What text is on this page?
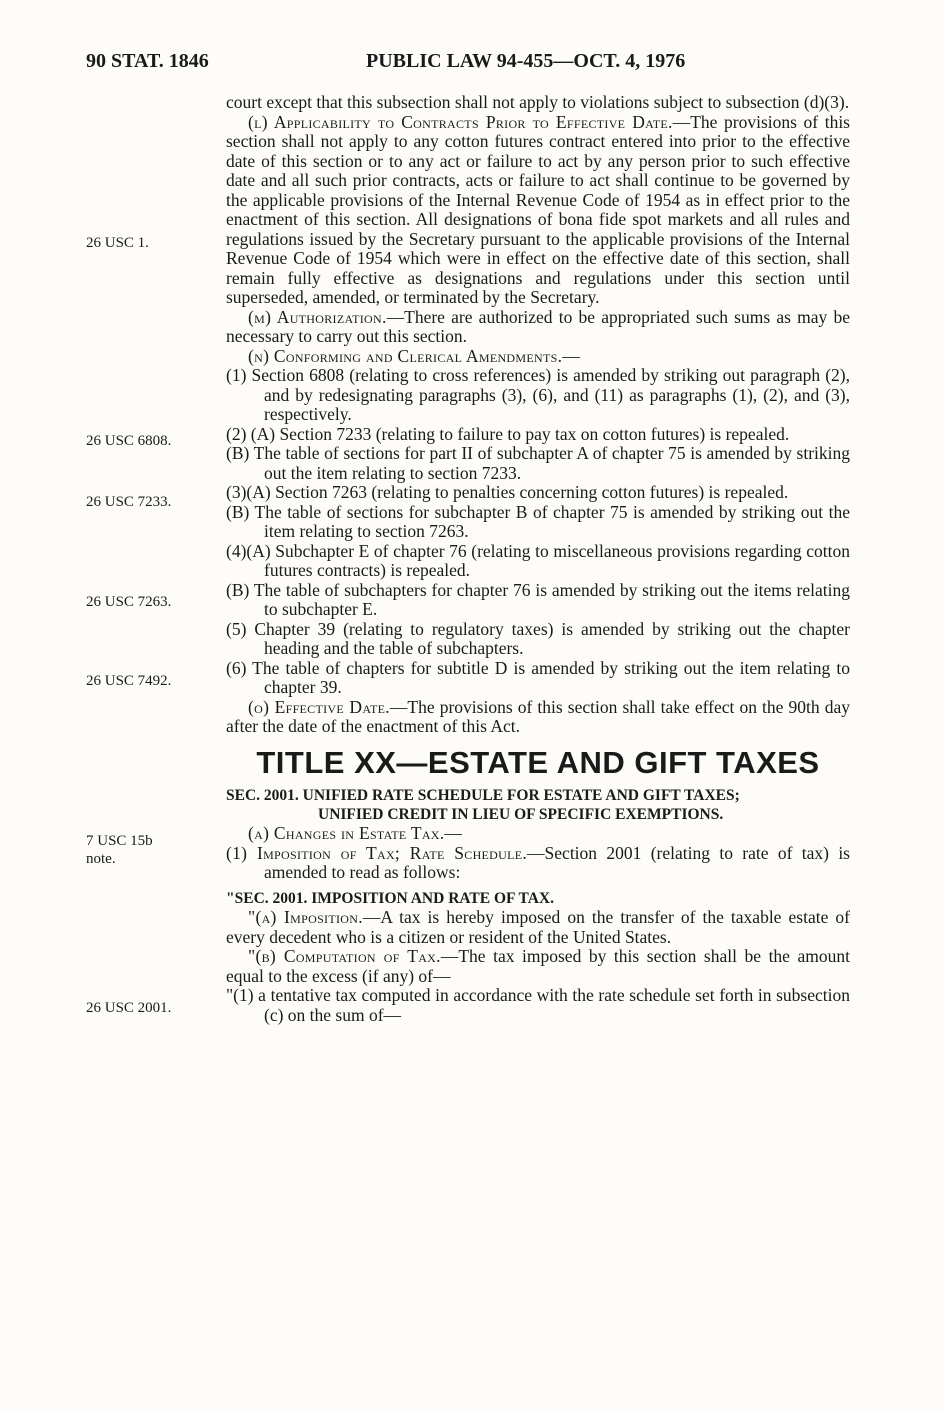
90 STAT. 1846	PUBLIC LAW 94-455—OCT. 4, 1976
26 USC 1.
26 USC 6808.
26 USC 7233.
26 USC 7263.
26 USC 7492.
7 USC 15b
note.
26 USC 2001.

court except that this subsection shall not apply to violations subject to subsection (d)(3).

(l) Applicability to Contracts Prior to Effective Date.—The provisions of this section shall not apply to any cotton futures contract entered into prior to the effective date of this section or to any act or failure to act by any person prior to such effective date and all such prior contracts, acts or failure to act shall continue to be governed by the applicable provisions of the Internal Revenue Code of 1954 as in effect prior to the enactment of this section. All designations of bona fide spot markets and all rules and regulations issued by the Secretary pursuant to the applicable provisions of the Internal Revenue Code of 1954 which were in effect on the effective date of this section, shall remain fully effective as designations and regulations under this section until superseded, amended, or terminated by the Secretary.

(m) Authorization.—There are authorized to be appropriated such sums as may be necessary to carry out this section.

(n) Conforming and Clerical Amendments.—

(1) Section 6808 (relating to cross references) is amended by striking out paragraph (2), and by redesignating paragraphs (3), (6), and (11) as paragraphs (1), (2), and (3), respectively.

(2) (A) Section 7233 (relating to failure to pay tax on cotton futures) is repealed.

(B) The table of sections for part II of subchapter A of chapter 75 is amended by striking out the item relating to section 7233.

(3)(A) Section 7263 (relating to penalties concerning cotton futures) is repealed.

(B) The table of sections for subchapter B of chapter 75 is amended by striking out the item relating to section 7263.

(4)(A) Subchapter E of chapter 76 (relating to miscellaneous provisions regarding cotton futures contracts) is repealed.

(B) The table of subchapters for chapter 76 is amended by striking out the items relating to subchapter E.

(5) Chapter 39 (relating to regulatory taxes) is amended by striking out the chapter heading and the table of subchapters.

(6) The table of chapters for subtitle D is amended by striking out the item relating to chapter 39.

(o) Effective Date.—The provisions of this section shall take effect on the 90th day after the date of the enactment of this Act.

TITLE XX—ESTATE AND GIFT TAXES
SEC. 2001. UNIFIED RATE SCHEDULE FOR ESTATE AND GIFT TAXES;
UNIFIED CREDIT IN LIEU OF SPECIFIC EXEMPTIONS.

(a) Changes in Estate Tax.—

(1) Imposition of Tax; Rate Schedule.—Section 2001 (relating to rate of tax) is amended to read as follows:

"SEC. 2001. IMPOSITION AND RATE OF TAX.

"(a) Imposition.—A tax is hereby imposed on the transfer of the taxable estate of every decedent who is a citizen or resident of the United States.

"(b) Computation of Tax.—The tax imposed by this section shall be the amount equal to the excess (if any) of—

"(1) a tentative tax computed in accordance with the rate schedule set forth in subsection (c) on the sum of—
